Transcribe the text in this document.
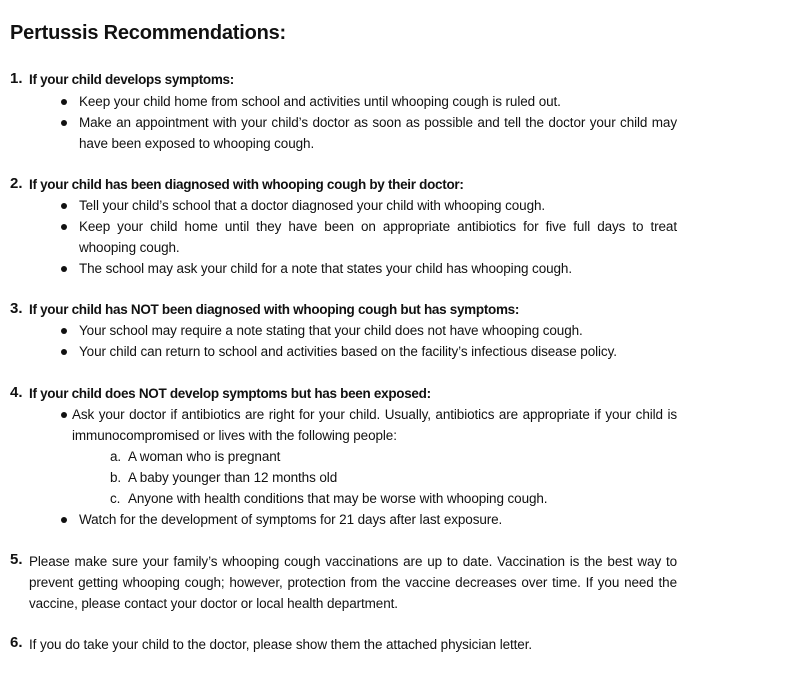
Pertussis Recommendations:
1. If your child develops symptoms:
Keep your child home from school and activities until whooping cough is ruled out.
Make an appointment with your child’s doctor as soon as possible and tell the doctor your child may have been exposed to whooping cough.
2. If your child has been diagnosed with whooping cough by their doctor:
Tell your child’s school that a doctor diagnosed your child with whooping cough.
Keep your child home until they have been on appropriate antibiotics for five full days to treat whooping cough.
The school may ask your child for a note that states your child has whooping cough.
3. If your child has NOT been diagnosed with whooping cough but has symptoms:
Your school may require a note stating that your child does not have whooping cough.
Your child can return to school and activities based on the facility’s infectious disease policy.
4. If your child does NOT develop symptoms but has been exposed:
Ask your doctor if antibiotics are right for your child. Usually, antibiotics are appropriate if your child is immunocompromised or lives with the following people:
a. A woman who is pregnant
b. A baby younger than 12 months old
c. Anyone with health conditions that may be worse with whooping cough.
Watch for the development of symptoms for 21 days after last exposure.
5. Please make sure your family’s whooping cough vaccinations are up to date. Vaccination is the best way to prevent getting whooping cough; however, protection from the vaccine decreases over time. If you need the vaccine, please contact your doctor or local health department.
6. If you do take your child to the doctor, please show them the attached physician letter.
